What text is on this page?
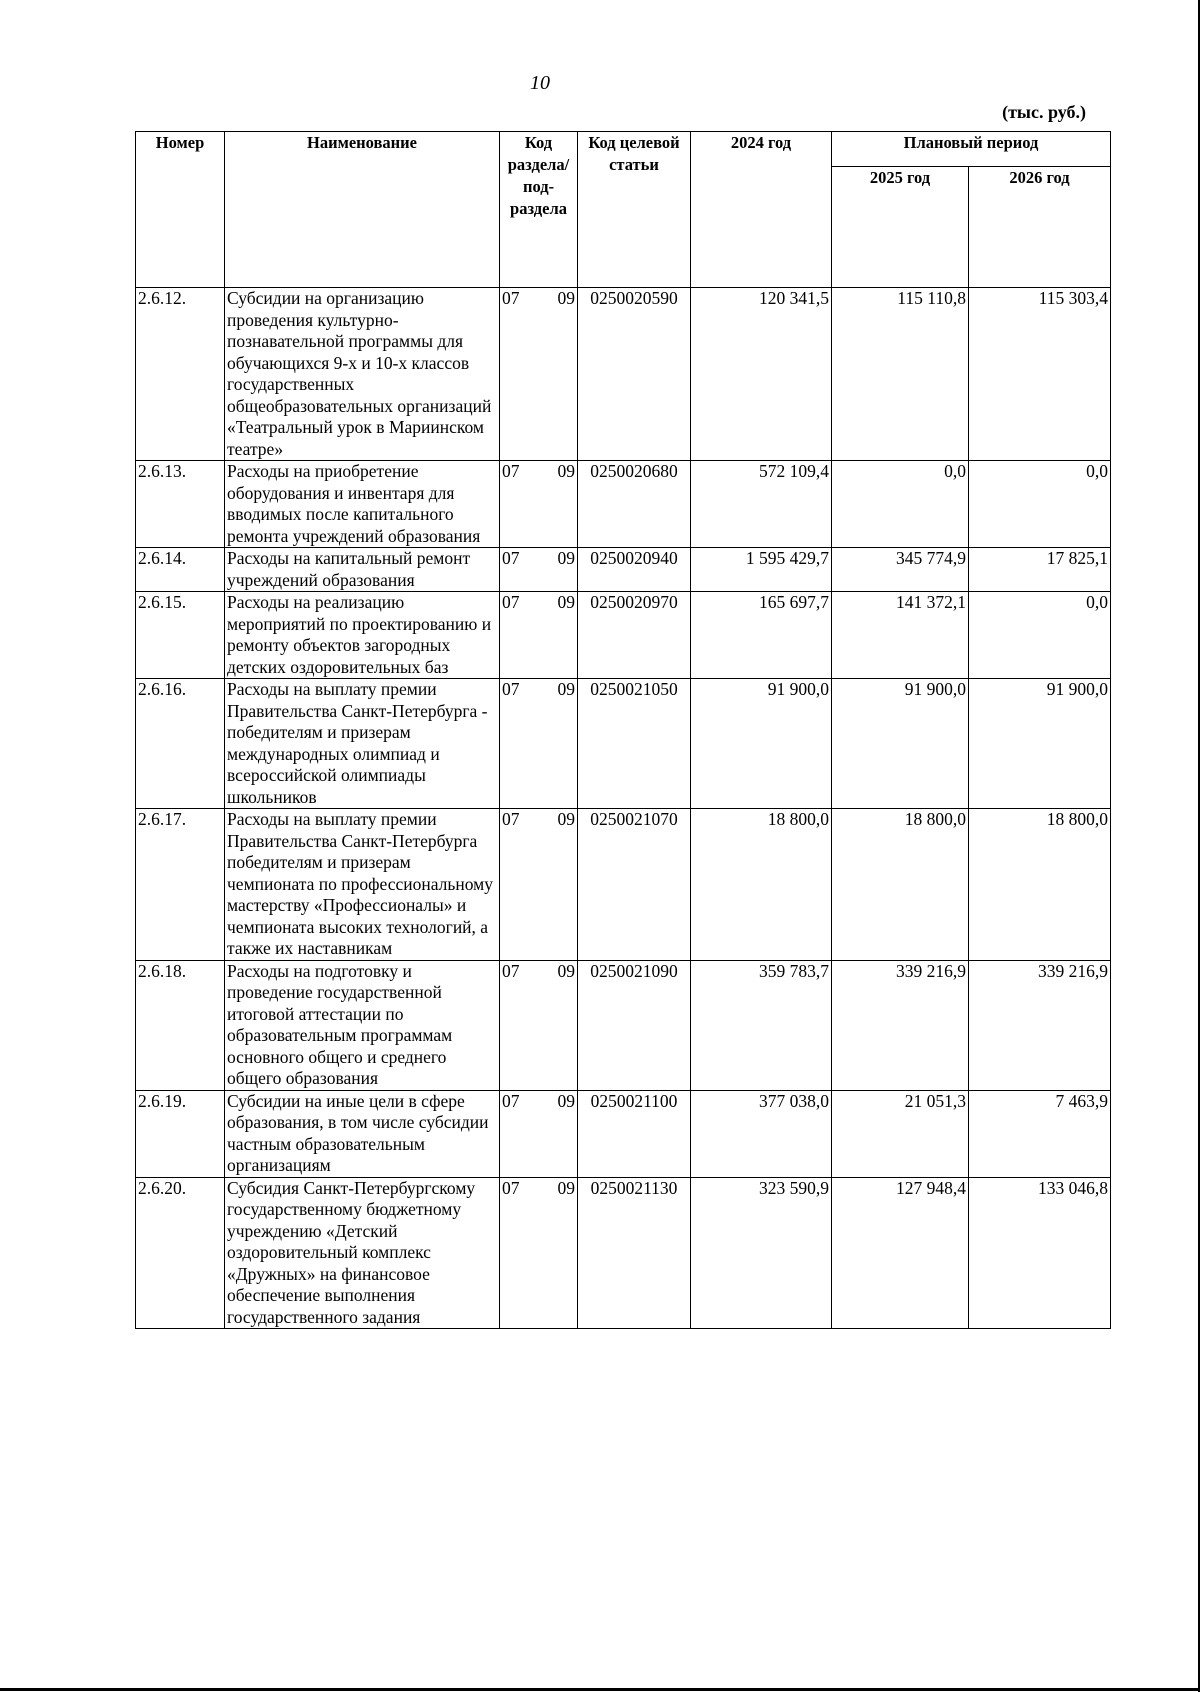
10
(тыс. руб.)
Номер	Наименование	Код раздела/ под-раздела		Код целевой статьи	2024 год	Плановый период	
						2025 год	2026 год
2.6.12.	Субсидии на организацию проведения культурно-познавательной программы для обучающихся 9-х и 10-х классов государственных общеобразовательных организаций «Театральный урок в Мариинском театре»	07	09	0250020590	120 341,5	115 110,8	115 303,4
2.6.13.	Расходы на приобретение оборудования и инвентаря для вводимых после капитального ремонта учреждений образования	07	09	0250020680	572 109,4	0,0	0,0
2.6.14.	Расходы на капитальный ремонт учреждений образования	07	09	0250020940	1 595 429,7	345 774,9	17 825,1
2.6.15.	Расходы на реализацию мероприятий по проектированию и ремонту объектов загородных детских оздоровительных баз	07	09	0250020970	165 697,7	141 372,1	0,0
2.6.16.	Расходы на выплату премии Правительства Санкт-Петербурга - победителям и призерам международных олимпиад и всероссийской олимпиады школьников	07	09	0250021050	91 900,0	91 900,0	91 900,0
2.6.17.	Расходы на выплату премии Правительства Санкт-Петербурга победителям и призерам чемпионата по профессиональному мастерству «Профессионалы» и чемпионата высоких технологий, а также их наставникам	07	09	0250021070	18 800,0	18 800,0	18 800,0
2.6.18.	Расходы на подготовку и проведение государственной итоговой аттестации по образовательным программам основного общего и среднего общего образования	07	09	0250021090	359 783,7	339 216,9	339 216,9
2.6.19.	Субсидии на иные цели в сфере образования, в том числе субсидии частным образовательным организациям	07	09	0250021100	377 038,0	21 051,3	7 463,9
2.6.20.	Субсидия Санкт-Петербургскому государственному бюджетному учреждению «Детский оздоровительный комплекс «Дружных» на финансовое обеспечение выполнения государственного задания	07	09	0250021130	323 590,9	127 948,4	133 046,8
